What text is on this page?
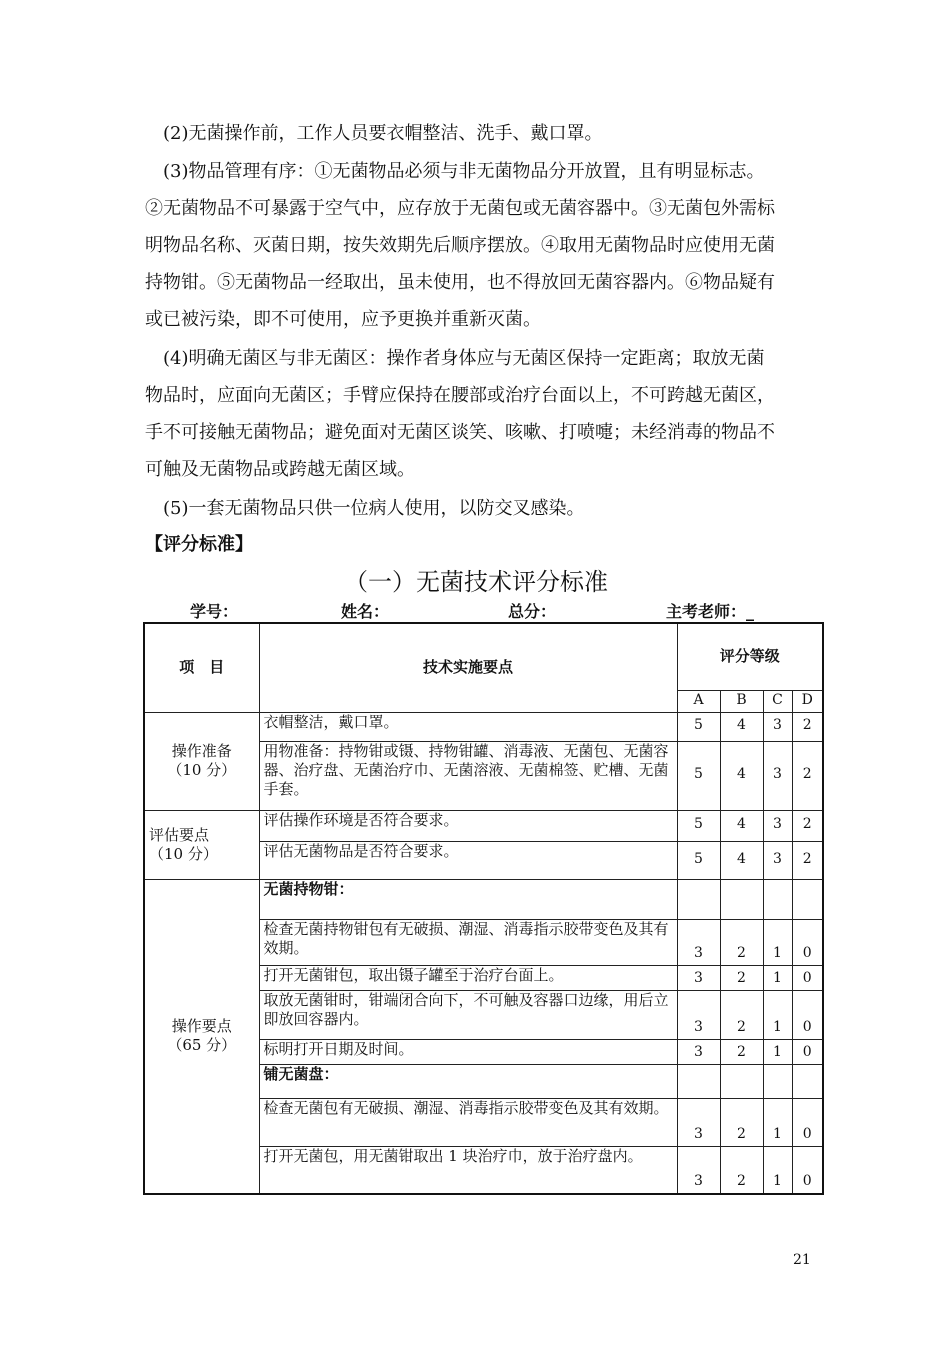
(2)无菌操作前，工作人员要衣帽整洁、洗手、戴口罩。
(3)物品管理有序：①无菌物品必须与非无菌物品分开放置，且有明显标志。
②无菌物品不可暴露于空气中，应存放于无菌包或无菌容器中。③无菌包外需标
明物品名称、灭菌日期，按失效期先后顺序摆放。④取用无菌物品时应使用无菌
持物钳。⑤无菌物品一经取出，虽未使用，也不得放回无菌容器内。⑥物品疑有
或已被污染，即不可使用，应予更换并重新灭菌。
(4)明确无菌区与非无菌区：操作者身体应与无菌区保持一定距离；取放无菌
物品时，应面向无菌区；手臂应保持在腰部或治疗台面以上，不可跨越无菌区，
手不可接触无菌物品；避免面对无菌区谈笑、咳嗽、打喷嚏；未经消毒的物品不
可触及无菌物品或跨越无菌区域。
(5)一套无菌物品只供一位病人使用，以防交叉感染。
【评分标准】
（一）无菌技术评分标准
学号：	姓名：	总分：	主考老师：_
项　目	技术实施要点	评分等级			
		A	B	C	D
操作准备
（10 分）	衣帽整洁，戴口罩。	5	4	3	2
	用物准备：持物钳或镊、持物钳罐、消毒液、无菌包、无菌容器、治疗盘、无菌治疗巾、无菌溶液、无菌棉签、贮槽、无菌手套。	5	4	3	2
评估要点
（10 分）	评估操作环境是否符合要求。	5	4	3	2
	评估无菌物品是否符合要求。	5	4	3	2
操作要点
（65 分）	无菌持物钳：				
	检查无菌持物钳包有无破损、潮湿、消毒指示胶带变色及其有效期。	3	2	1	0
	打开无菌钳包，取出镊子罐至于治疗台面上。	3	2	1	0
	取放无菌钳时，钳端闭合向下，不可触及容器口边缘，用后立即放回容器内。	3	2	1	0
	标明打开日期及时间。	3	2	1	0
	铺无菌盘：				
	检查无菌包有无破损、潮湿、消毒指示胶带变色及其有效期。	3	2	1	0
	打开无菌包，用无菌钳取出 1 块治疗巾，放于治疗盘内。	3	2	1	0
21
